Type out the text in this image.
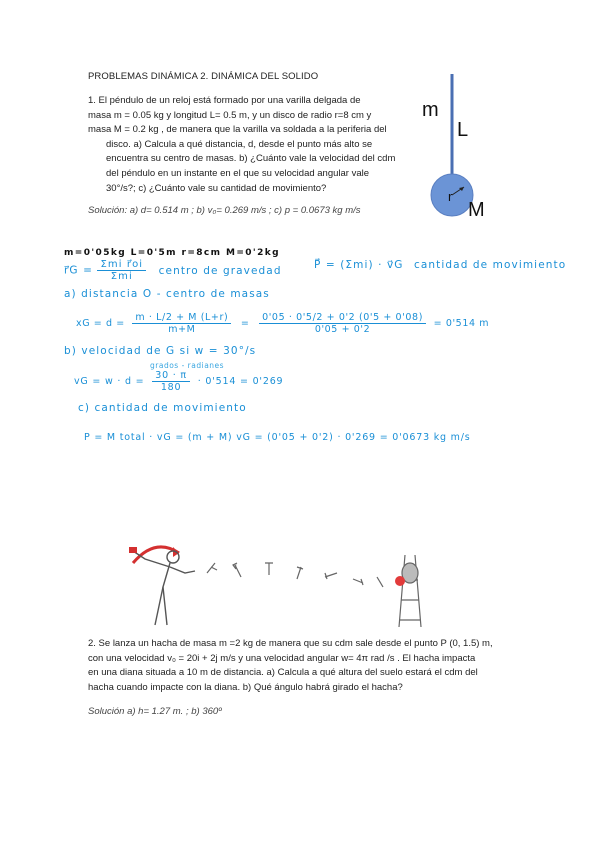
PROBLEMAS DINÁMICA 2. DINÁMICA DEL SOLIDO
1. El péndulo de un reloj está formado por una varilla delgada de
masa m = 0.05 kg y longitud L= 0.5 m, y un disco de radio r=8 cm y
masa M = 0.2 kg , de manera que la varilla va soldada a la periferia del
disco. a) Calcula a qué distancia, d, desde el punto más alto se
encuentra su centro de masas. b) ¿Cuánto vale la velocidad del cdm
del péndulo en un instante en el que su velocidad angular vale
30°/s?; c) ¿Cuánto vale su cantidad de movimiento?
Solución: a) d= 0.514 m ; b) v₀= 0.269 m/s ; c) p = 0.0673 kg m/s
m
L
r
M
m=0'05kg L=0'5m r=8cm M=0'2kg
r⃗G = $\frac{\text{Σmi r⃗oi}}{\text{Σmi}}$ centro de gravedad	P⃗ = (Σmi) · v⃗G cantidad de movimiento
a) distancia O - centro de masas
xG = $d = \frac{m \cdot L/2 + M (L+r)}{m+M} = \frac{0'05 \cdot 0'5/2 + 0'2 (0'5 + 0'08)}{0'05 + 0'2} = 0'514$ m
b) velocidad de G si w = 30°/s
grados - radianes
vG = $w \cdot d = \frac{30 \cdot \pi}{180} \cdot 0'514 = 0'269$
c) cantidad de movimiento
P = M total · vG = (m + M) vG = (0'05 + 0'2) · 0'269 = 0'0673 kg m/s
2. Se lanza un hacha de masa m =2 kg de manera que su cdm sale desde el punto P (0, 1.5) m,
con una velocidad v₀ = 20i + 2j m/s y una velocidad angular w= 4π rad /s . El hacha impacta
en una diana situada a 10 m de distancia. a) Calcula a qué altura del suelo estará el cdm del
hacha cuando impacte con la diana. b) Qué ángulo habrá girado el hacha?
Solución a) h= 1.27 m. ; b) 360º
